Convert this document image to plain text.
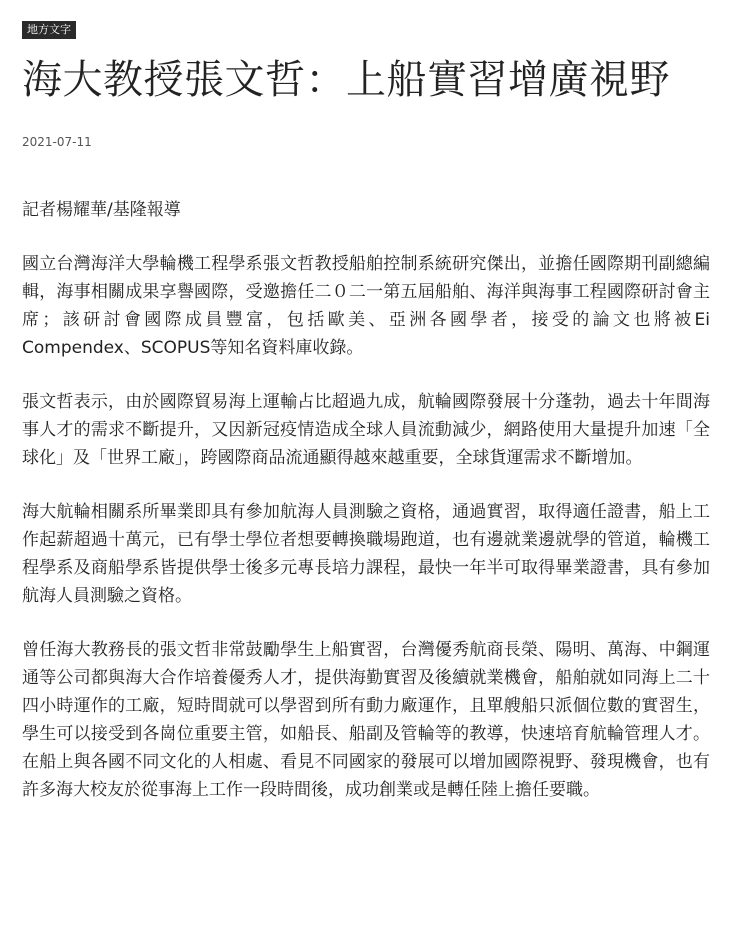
地方文字
海大教授張文哲：上船實習增廣視野
2021-07-11
記者楊耀華/基隆報導

國立台灣海洋大學輪機工程學系張文哲教授船舶控制系統研究傑出，並擔任國際期刊副總編輯，海事相關成果享譽國際，受邀擔任二０二一第五屆船舶、海洋與海事工程國際研討會主席；該研討會國際成員豐富，包括歐美、亞洲各國學者，接受的論文也將被Ei Compendex、SCOPUS等知名資料庫收錄。

張文哲表示，由於國際貿易海上運輸占比超過九成，航輪國際發展十分蓬勃，過去十年間海事人才的需求不斷提升，又因新冠疫情造成全球人員流動減少，網路使用大量提升加速「全球化」及「世界工廠」，跨國際商品流通顯得越來越重要，全球貨運需求不斷增加。

海大航輪相關系所畢業即具有參加航海人員測驗之資格，通過實習，取得適任證書，船上工作起薪超過十萬元，已有學士學位者想要轉換職場跑道，也有邊就業邊就學的管道，輪機工程學系及商船學系皆提供學士後多元專長培力課程，最快一年半可取得畢業證書，具有參加航海人員測驗之資格。

曾任海大教務長的張文哲非常鼓勵學生上船實習，台灣優秀航商長榮、陽明、萬海、中鋼運通等公司都與海大合作培養優秀人才，提供海勤實習及後續就業機會，船舶就如同海上二十四小時運作的工廠，短時間就可以學習到所有動力廠運作，且單艘船只派個位數的實習生，學生可以接受到各崗位重要主管，如船長、船副及管輪等的教導，快速培育航輪管理人才。在船上與各國不同文化的人相處、看見不同國家的發展可以增加國際視野、發現機會，也有許多海大校友於從事海上工作一段時間後，成功創業或是轉任陸上擔任要職。
